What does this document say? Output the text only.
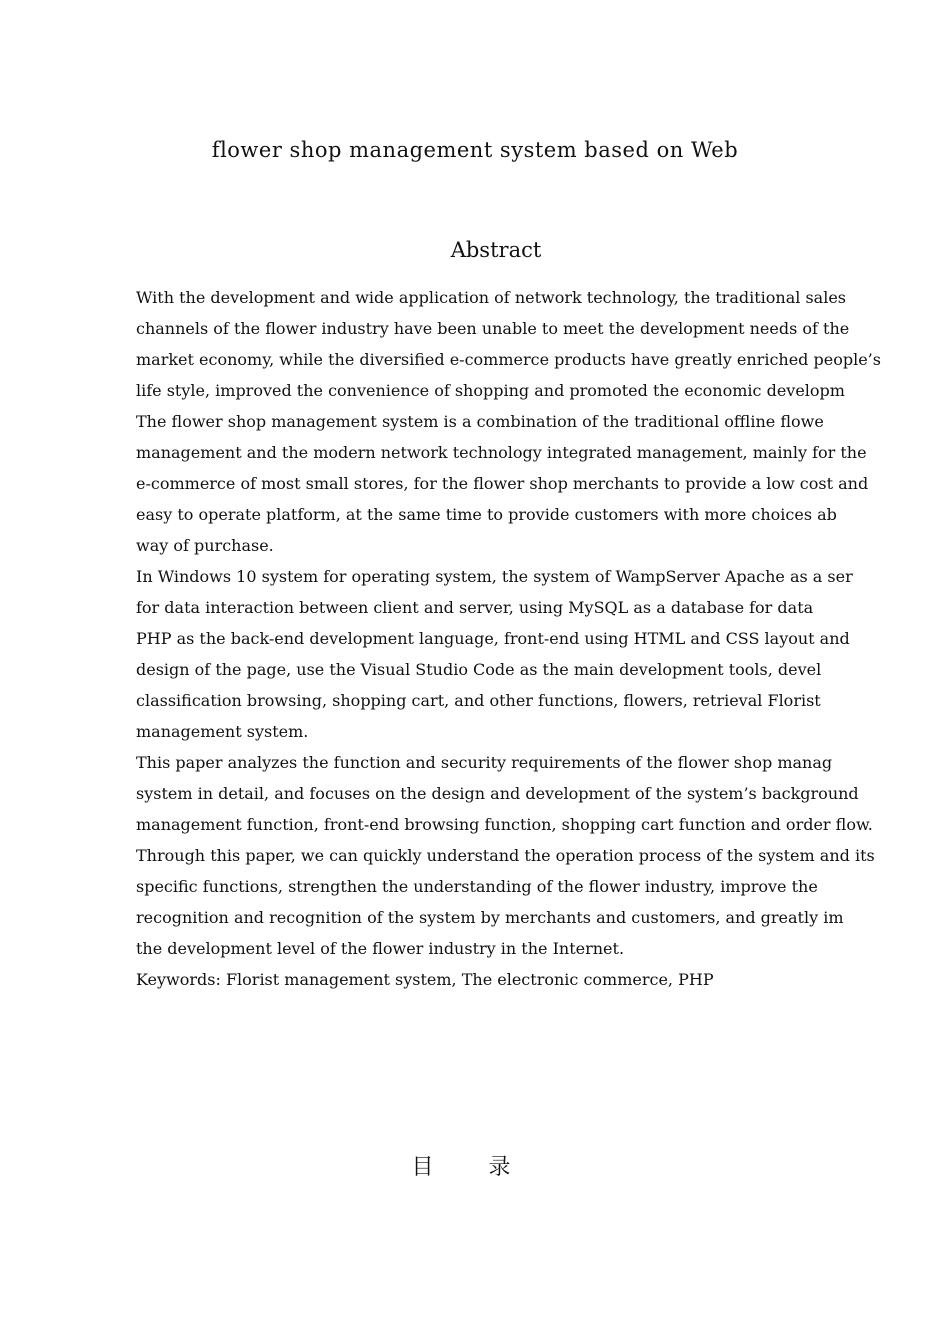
flower shop management system based on Web
Abstract
With the development and wide application of network technology, the traditional sales
channels of the flower industry have been unable to meet the development needs of the
market economy, while the diversified e-commerce products have greatly enriched people’s
life style, improved the convenience of shopping and promoted the economic developm
The flower shop management system is a combination of the traditional offline flowe
management and the modern network technology integrated management, mainly for the
e-commerce of most small stores, for the flower shop merchants to provide a low cost and
easy to operate platform, at the same time to provide customers with more choices ab
way of purchase.
In Windows 10 system for operating system, the system of WampServer Apache as a ser
for data interaction between client and server, using MySQL as a database for data
PHP as the back-end development language, front-end using HTML and CSS layout and
design of the page, use the Visual Studio Code as the main development tools, devel
classification browsing, shopping cart, and other functions, flowers, retrieval Florist
management system.
This paper analyzes the function and security requirements of the flower shop manag
system in detail, and focuses on the design and development of the system’s background
management function, front-end browsing function, shopping cart function and order flow.
Through this paper, we can quickly understand the operation process of the system and its
specific functions, strengthen the understanding of the flower industry, improve the
recognition and recognition of the system by merchants and customers, and greatly im
the development level of the flower industry in the Internet.
Keywords: Florist management system, The electronic commerce, PHP
目 录
